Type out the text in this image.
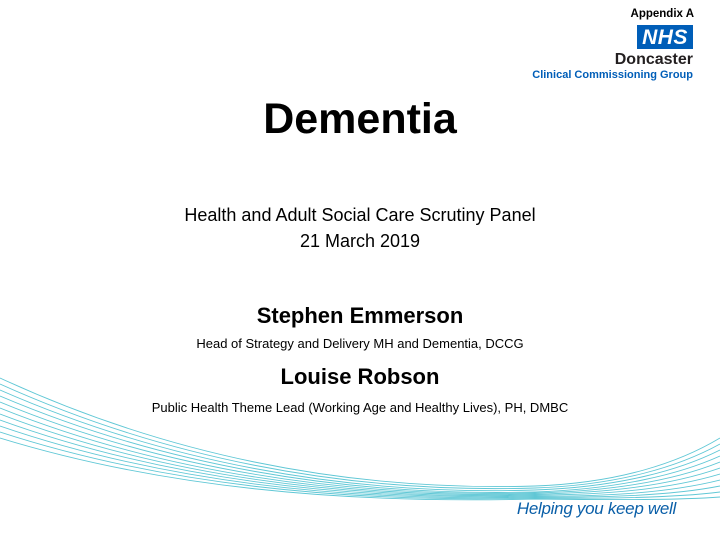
Appendix A
NHS
Doncaster
Clinical Commissioning Group
Dementia
Health and Adult Social Care Scrutiny Panel
21 March 2019
Stephen Emmerson
Head of Strategy and Delivery MH and Dementia, DCCG
Louise Robson
Public Health Theme Lead (Working Age and Healthy Lives), PH, DMBC
Helping you keep well
